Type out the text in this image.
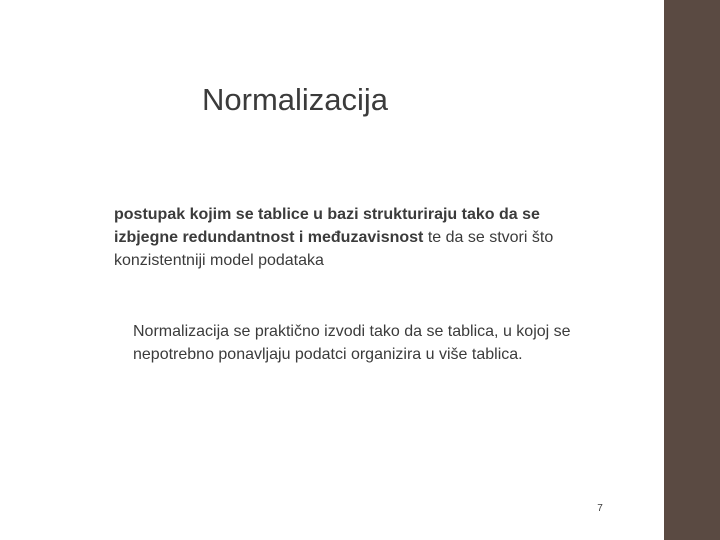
Normalizacija
postupak kojim se tablice u bazi strukturiraju tako da se izbjegne redundantnost i međuzavisnost te da se stvori što konzistentniji model podataka
Normalizacija se praktično izvodi tako da se tablica, u kojoj se nepotrebno ponavljaju podatci organizira u više tablica.
7
